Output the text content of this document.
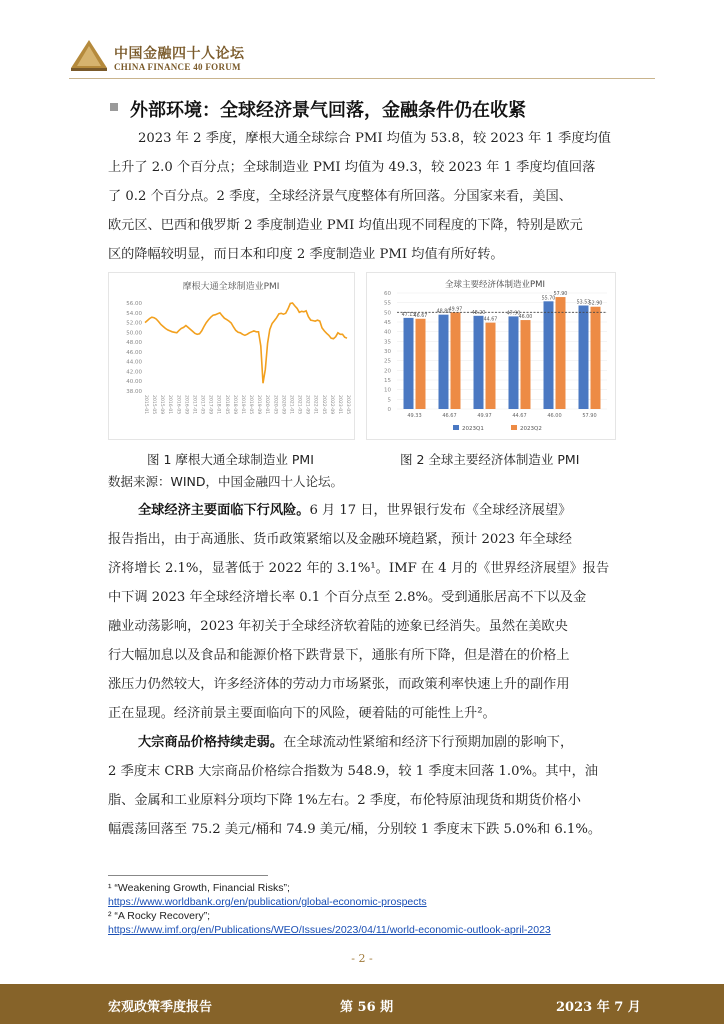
中国金融四十人论坛
CHINA FINANCE 40 FORUM
外部环境：全球经济景气回落，金融条件仍在收紧
2023 年 2 季度，摩根大通全球综合 PMI 均值为 53.8，较 2023 年 1 季度均值
上升了 2.0 个百分点；全球制造业 PMI 均值为 49.3，较 2023 年 1 季度均值回落
了 0.2 个百分点。2 季度，全球经济景气度整体有所回落。分国家来看，美国、
欧元区、巴西和俄罗斯 2 季度制造业 PMI 均值出现不同程度的下降，特别是欧元
区的降幅较明显，而日本和印度 2 季度制造业 PMI 均值有所好转。
摩根大通全球制造业PMI
56.00
54.00
52.00
50.00
48.00
46.00
44.00
42.00
40.00
38.00
2015-01 2015-05 2015-09 2016-01 2016-05 2016-09 2017-01 2017-05 2017-09 2018-01 2018-05 2018-09 2019-01 2019-05 2019-09 2020-01 2020-05 2020-09 2021-01 2021-05 2021-09 2022-01 2022-05 2022-09 2023-01 2023-05
全球主要经济体制造业PMI
60
55
50
45
40
35
30
25
20
15
10
5
0
47.13
46.67
49.33
48.80
49.97
46.67
48.20
44.67
49.97
47.90
46.00
44.67
55.70
57.90
46.00
53.53
52.90
57.90
2023Q1	2023Q2
图 1 摩根大通全球制造业 PMI	图 2 全球主要经济体制造业 PMI
数据来源：WIND，中国金融四十人论坛。
全球经济主要面临下行风险。6 月 17 日，世界银行发布《全球经济展望》
报告指出，由于高通胀、货币政策紧缩以及金融环境趋紧，预计 2023 年全球经
济将增长 2.1%，显著低于 2022 年的 3.1%¹。IMF 在 4 月的《世界经济展望》报告
中下调 2023 年全球经济增长率 0.1 个百分点至 2.8%。受到通胀居高不下以及金
融业动荡影响，2023 年初关于全球经济软着陆的迹象已经消失。虽然在美欧央
行大幅加息以及食品和能源价格下跌背景下，通胀有所下降，但是潜在的价格上
涨压力仍然较大，许多经济体的劳动力市场紧张，而政策利率快速上升的副作用
正在显现。经济前景主要面临向下的风险，硬着陆的可能性上升²。
大宗商品价格持续走弱。在全球流动性紧缩和经济下行预期加剧的影响下，
2 季度末 CRB 大宗商品价格综合指数为 548.9，较 1 季度末回落 1.0%。其中，油
脂、金属和工业原料分项均下降 1%左右。2 季度，布伦特原油现货和期货价格小
幅震荡回落至 75.2 美元/桶和 74.9 美元/桶，分别较 1 季度末下跌 5.0%和 6.1%。
¹ “Weakening Growth, Financial Risks”;
https://www.worldbank.org/en/publication/global-economic-prospects
² “A Rocky Recovery”;
https://www.imf.org/en/Publications/WEO/Issues/2023/04/11/world-economic-outlook-april-2023
- 2 -
宏观政策季度报告	第 56 期	2023 年 7 月
